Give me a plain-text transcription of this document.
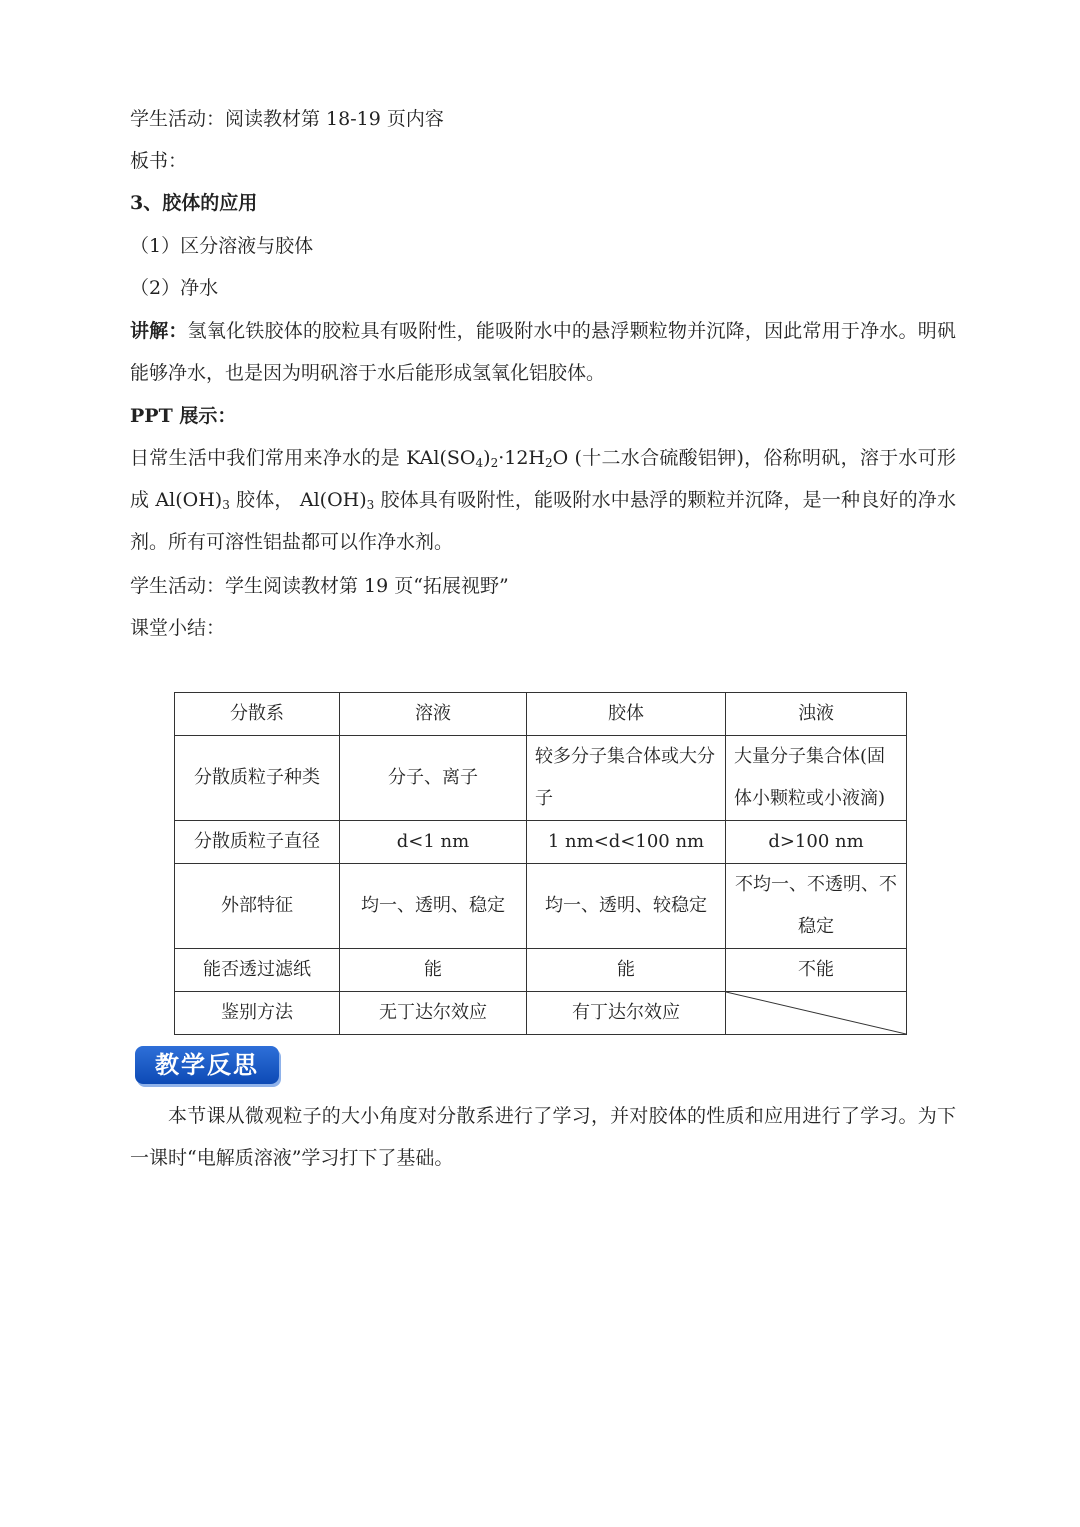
学生活动：阅读教材第 18-19 页内容
板书：
3、胶体的应用
（1）区分溶液与胶体
（2）净水
讲解：氢氧化铁胶体的胶粒具有吸附性，能吸附水中的悬浮颗粒物并沉降，因此常用于净水。明矾能够净水，也是因为明矾溶于水后能形成氢氧化铝胶体。
PPT 展示：
日常生活中我们常用来净水的是 $KAl(SO_4)_2\cdot 12H_2O$ (十二水合硫酸铝钾)，俗称明矾，溶于水可形成 $Al(OH)_3$ 胶体， $Al(OH)_3$ 胶体具有吸附性，能吸附水中悬浮的颗粒并沉降，是一种良好的净水剂。所有可溶性铝盐都可以作净水剂。
学生活动：学生阅读教材第 19 页“拓展视野”
课堂小结：
分散系	溶液	胶体	浊液
分散质粒子种类	分子、离子	较多分子集合体或大分子	大量分子集合体(固体小颗粒或小液滴)
分散质粒子直径	d<1 nm	1 nm<d<100 nm	d>100 nm
外部特征	均一、透明、稳定	均一、透明、较稳定	不均一、不透明、不稳定
能否透过滤纸	能	能	不能
鉴别方法	无丁达尔效应	有丁达尔效应	
教学反思
本节课从微观粒子的大小角度对分散系进行了学习，并对胶体的性质和应用进行了学习。为下一课时“电解质溶液”学习打下了基础。
